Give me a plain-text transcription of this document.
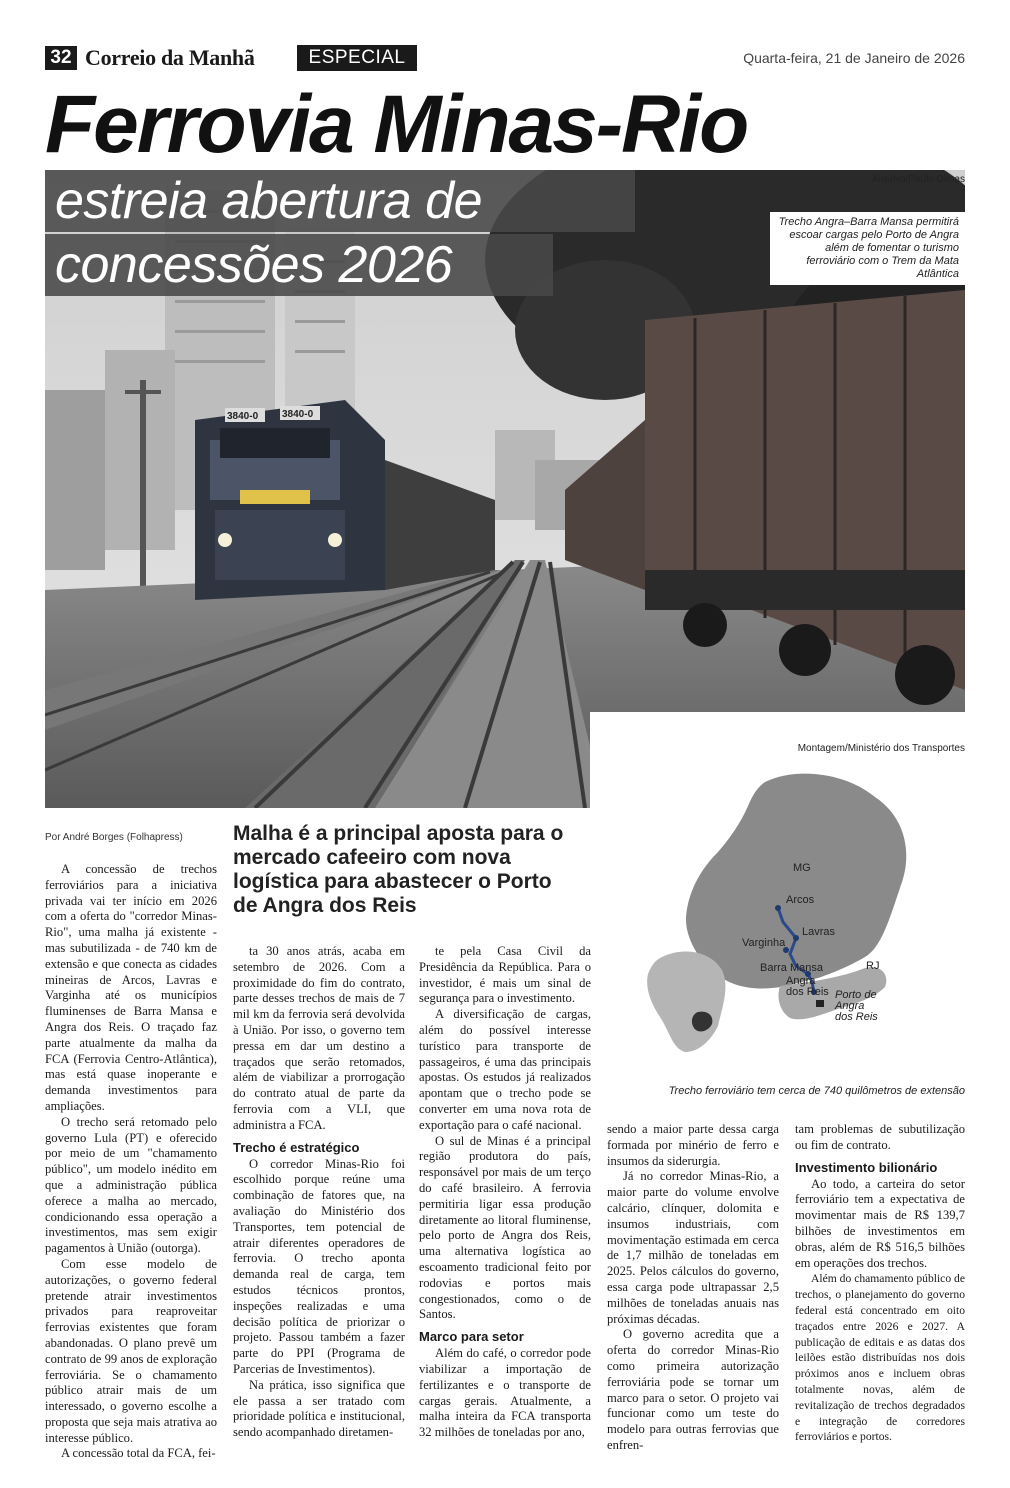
32 Correio da Manhã	ESPECIAL	Quarta-feira, 21 de Janeiro de 2026
Ferrovia Minas-Rio
3840-0 3840-0
estreia abertura de
concessões 2026
Arquivo/Paulo Dimas
Trecho Angra–Barra Mansa permitirá escoar cargas pelo Porto de Angra além de fomentar o turismo ferroviário com o Trem da Mata Atlântica
Montagem/Ministério dos Transportes
MG
Arcos
Lavras
Varginha
Barra Mansa	RJ
Angra
dos Reis Porto de
Angra
dos Reis
Trecho ferroviário tem cerca de 740 quilômetros de extensão
Por André Borges (Folhapress) Malha é a principal aposta para o mercado cafeeiro com nova logística para abastecer o Porto de Angra dos Reis

A concessão de trechos ferroviários para a iniciativa privada vai ter início em 2026 com a oferta do "corredor Minas-Rio", uma malha já existente - mas subutilizada - de 740 km de extensão e que conecta as cidades mineiras de Arcos, Lavras e Varginha até os municípios fluminenses de Barra Mansa e Angra dos Reis. O traçado faz parte atualmente da malha da FCA (Ferrovia Centro-Atlântica), mas está quase inoperante e demanda investimentos para ampliações.

O trecho será retomado pelo governo Lula (PT) e oferecido por meio de um "chamamento público", um modelo inédito em que a administração pública oferece a malha ao mercado, condicionando essa operação a investimentos, mas sem exigir pagamentos à União (outorga).

Com esse modelo de autorizações, o governo federal pretende atrair investimentos privados para reaproveitar ferrovias existentes que foram abandonadas. O plano prevê um contrato de 99 anos de exploração ferroviária. Se o chamamento público atrair mais de um interessado, o governo escolhe a proposta que seja mais atrativa ao interesse público.

A concessão total da FCA, fei-

ta 30 anos atrás, acaba em setembro de 2026. Com a proximidade do fim do contrato, parte desses trechos de mais de 7 mil km da ferrovia será devolvida à União. Por isso, o governo tem pressa em dar um destino a traçados que serão retomados, além de viabilizar a prorrogação do contrato atual de parte da ferrovia com a VLI, que administra a FCA.

Trecho é estratégico

O corredor Minas-Rio foi escolhido porque reúne uma combinação de fatores que, na avaliação do Ministério dos Transportes, tem potencial de atrair diferentes operadores de ferrovia. O trecho aponta demanda real de carga, tem estudos técnicos prontos, inspeções realizadas e uma decisão política de priorizar o projeto. Passou também a fazer parte do PPI (Programa de Parcerias de Investimentos).

Na prática, isso significa que ele passa a ser tratado com prioridade política e institucional, sendo acompanhado diretamen-

te pela Casa Civil da Presidência da República. Para o investidor, é mais um sinal de segurança para o investimento.

A diversificação de cargas, além do possível interesse turístico para transporte de passageiros, é uma das principais apostas. Os estudos já realizados apontam que o trecho pode se converter em uma nova rota de exportação para o café nacional.

O sul de Minas é a principal região produtora do país, responsável por mais de um terço do café brasileiro. A ferrovia permitiria ligar essa produção diretamente ao litoral fluminense, pelo porto de Angra dos Reis, uma alternativa logística ao escoamento tradicional feito por rodovias e portos mais congestionados, como o de Santos.

Marco para setor

Além do café, o corredor pode viabilizar a importação de fertilizantes e o transporte de cargas gerais. Atualmente, a malha inteira da FCA transporta 32 milhões de toneladas por ano,

sendo a maior parte dessa carga formada por minério de ferro e insumos da siderurgia.

Já no corredor Minas-Rio, a maior parte do volume envolve calcário, clínquer, dolomita e insumos industriais, com movimentação estimada em cerca de 1,7 milhão de toneladas em 2025. Pelos cálculos do governo, essa carga pode ultrapassar 2,5 milhões de toneladas anuais nas próximas décadas.

O governo acredita que a oferta do corredor Minas-Rio como primeira autorização ferroviária pode se tornar um marco para o setor. O projeto vai funcionar como um teste do modelo para outras ferrovias que enfren-

tam problemas de subutilização ou fim de contrato.

Investimento bilionário

Ao todo, a carteira do setor ferroviário tem a expectativa de movimentar mais de R$ 139,7 bilhões de investimentos em obras, além de R$ 516,5 bilhões em operações dos trechos.

Além do chamamento público de trechos, o planejamento do governo federal está concentrado em oito traçados entre 2026 e 2027. A publicação de editais e as datas dos leilões estão distribuídas nos dois próximos anos e incluem obras totalmente novas, além de revitalização de trechos degradados e integração de corredores ferroviários e portos.
